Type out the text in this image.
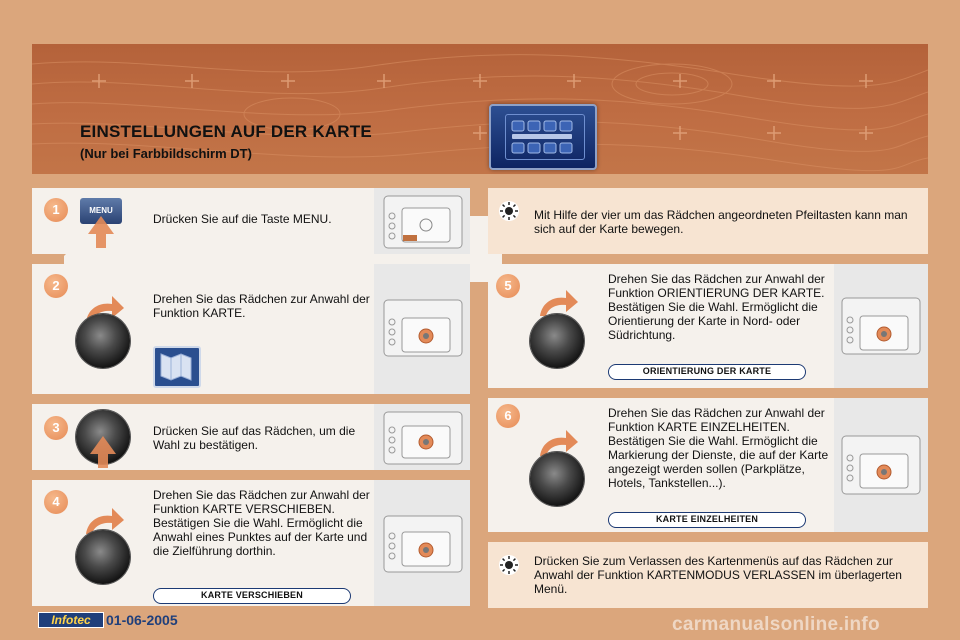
EINSTELLUNGEN AUF DER KARTE
(Nur bei Farbbildschirm DT)
1	MENU
Drücken Sie auf die Taste MENU.	Mit Hilfe der vier um das Rädchen angeordneten Pfeiltasten kann man sich auf der Karte bewegen.
2
Drehen Sie das Rädchen zur Anwahl der Funktion KARTE.
5	Drehen Sie das Rädchen zur Anwahl der Funktion ORIENTIERUNG DER KARTE. Bestätigen Sie die Wahl. Ermöglicht die Orientierung der Karte in Nord- oder Südrichtung.
ORIENTIERUNG DER KARTE
3	Drücken Sie auf das Rädchen, um die Wahl zu bestätigen.
6	Drehen Sie das Rädchen zur Anwahl der Funktion KARTE EINZELHEITEN. Bestätigen Sie die Wahl. Ermöglicht die Markierung der Dienste, die auf der Karte angezeigt werden sollen (Parkplätze, Hotels, Tankstellen...).
KARTE EINZELHEITEN
4	Drehen Sie das Rädchen zur Anwahl der Funktion KARTE VERSCHIEBEN. Bestätigen Sie die Wahl. Ermöglicht die Anwahl eines Punktes auf der Karte und die Zielführung dorthin.
KARTE VERSCHIEBEN
Drücken Sie zum Verlassen des Kartenmenüs auf das Rädchen zur Anwahl der Funktion KARTENMODUS VERLASSEN im überlagerten Menü.
Infotec	01-06-2005	carmanualsonline.info
